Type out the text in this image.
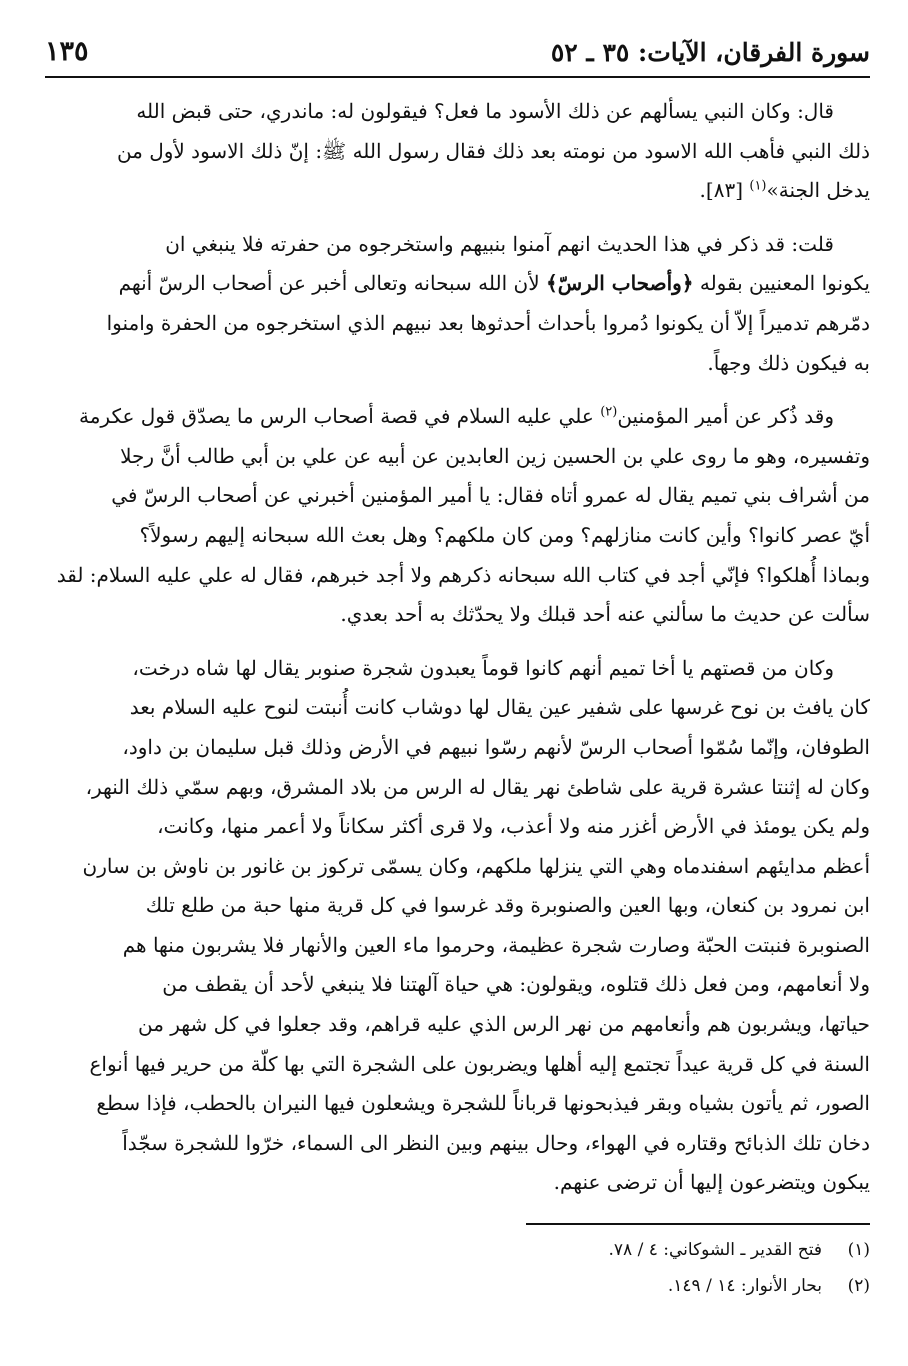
سورة الفرقان، الآيات: ٣٥ ـ ٥٢
١٣٥

قال: وكان النبي يسألهم عن ذلك الأسود ما فعل؟ فيقولون له: ماندري، حتى قبض الله
ذلك النبي فأهب الله الاسود من نومته بعد ذلك فقال رسول الله ﷺ: إنّ ذلك الاسود لأول من
يدخل الجنة»$^{(١)}$ [٨٣].

قلت: قد ذكر في هذا الحديث انهم آمنوا بنبيهم واستخرجوه من حفرته فلا ينبغي ان
يكونوا المعنيين بقوله ﴿وأصحاب الرسّ﴾ لأن الله سبحانه وتعالى أخبر عن أصحاب الرسّ أنهم
دمّرهم تدميراً إلاّ أن يكونوا دُمروا بأحداث أحدثوها بعد نبيهم الذي استخرجوه من الحفرة وامنوا
به فيكون ذلك وجهاً.

وقد ذُكر عن أمير المؤمنين$^{(٢)}$ علي عليه السلام في قصة أصحاب الرس ما يصدّق قول عكرمة
وتفسيره، وهو ما روى علي بن الحسين زين العابدين عن أبيه عن علي بن أبي طالب أنَّ رجلا
من أشراف بني تميم يقال له عمرو أتاه فقال: يا أمير المؤمنين أخبرني عن أصحاب الرسّ في
أيّ عصر كانوا؟ وأين كانت منازلهم؟ ومن كان ملكهم؟ وهل بعث الله سبحانه إليهم رسولاً؟
وبماذا أُهلكوا؟ فإنّي أجد في كتاب الله سبحانه ذكرهم ولا أجد خبرهم، فقال له علي عليه السلام: لقد
سألت عن حديث ما سألني عنه أحد قبلك ولا يحدّثك به أحد بعدي.

وكان من قصتهم يا أخا تميم أنهم كانوا قوماً يعبدون شجرة صنوبر يقال لها شاه درخت،
كان يافث بن نوح غرسها على شفير عين يقال لها دوشاب كانت أُنبتت لنوح عليه السلام بعد
الطوفان، وإنّما سُمّوا أصحاب الرسّ لأنهم رسّوا نبيهم في الأرض وذلك قبل سليمان بن داود،
وكان له إثنتا عشرة قرية على شاطئ نهر يقال له الرس من بلاد المشرق، وبهم سمّي ذلك النهر،
ولم يكن يومئذ في الأرض أغزر منه ولا أعذب، ولا قرى أكثر سكاناً ولا أعمر منها، وكانت،
أعظم مدايئهم اسفندماه وهي التي ينزلها ملكهم، وكان يسمّى تركوز بن غانور بن ناوش بن سارن
ابن نمرود بن كنعان، وبها العين والصنوبرة وقد غرسوا في كل قرية منها حبة من طلع تلك
الصنوبرة فنبتت الحبّة وصارت شجرة عظيمة، وحرموا ماء العين والأنهار فلا يشربون منها هم
ولا أنعامهم، ومن فعل ذلك قتلوه، ويقولون: هي حياة آلهتنا فلا ينبغي لأحد أن يقطف من
حياتها، ويشربون هم وأنعامهم من نهر الرس الذي عليه قراهم، وقد جعلوا في كل شهر من
السنة في كل قرية عيداً تجتمع إليه أهلها ويضربون على الشجرة التي بها كلّة من حرير فيها أنواع
الصور، ثم يأتون بشياه وبقر فيذبحونها قرباناً للشجرة ويشعلون فيها النيران بالحطب، فإذا سطع
دخان تلك الذبائح وقتاره في الهواء، وحال بينهم وبين النظر الى السماء، خرّوا للشجرة سجّداً
يبكون ويتضرعون إليها أن ترضى عنهم.

(١)فتح القدير ـ الشوكاني: ٤ / ٧٨.
(٢)بحار الأنوار: ١٤ / ١٤٩.
